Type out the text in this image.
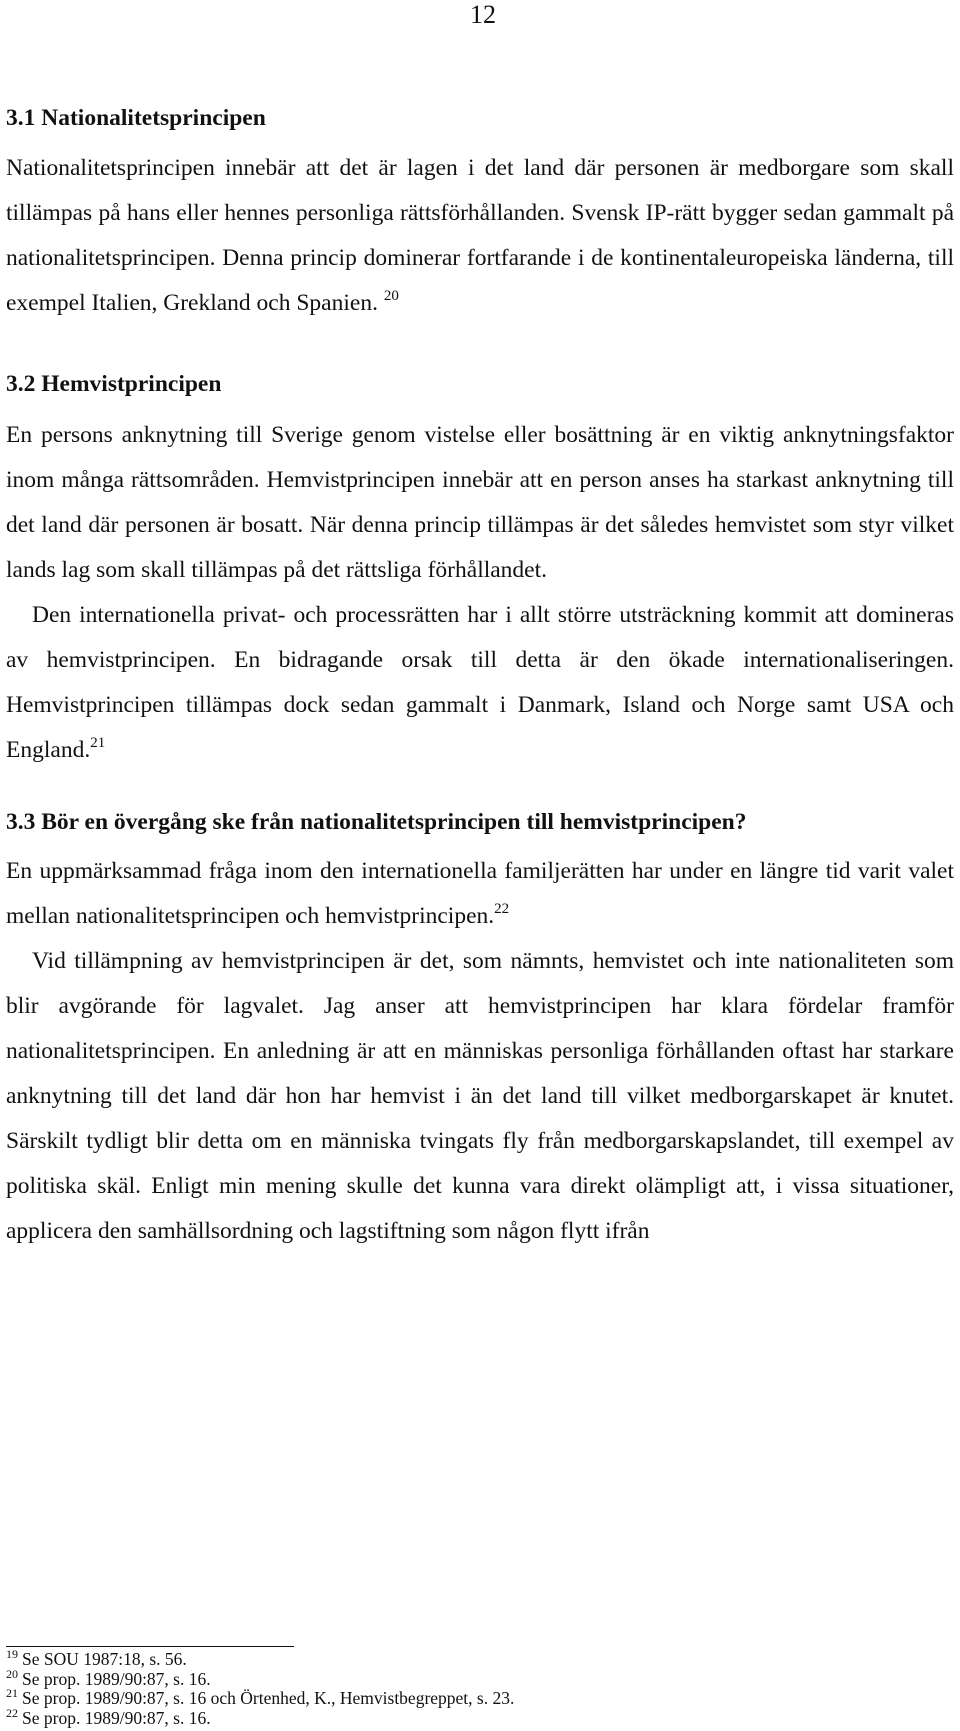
12
3.1 Nationalitetsprincipen

Nationalitetsprincipen innebär att det är lagen i det land där personen är medborgare som skall tillämpas på hans eller hennes personliga rättsförhållanden. Svensk IP-rätt bygger sedan gammalt på nationalitetsprincipen. Denna princip dominerar fortfarande i de kontinentaleuropeiska länderna, till exempel Italien, Grekland och Spanien. $^{20}$

3.2 Hemvistprincipen

En persons anknytning till Sverige genom vistelse eller bosättning är en viktig anknytningsfaktor inom många rättsområden. Hemvistprincipen innebär att en person anses ha starkast anknytning till det land där personen är bosatt. När denna princip tillämpas är det således hemvistet som styr vilket lands lag som skall tillämpas på det rättsliga förhållandet.

Den internationella privat- och processrätten har i allt större utsträckning kommit att domineras av hemvistprincipen. En bidragande orsak till detta är den ökade internationaliseringen. Hemvistprincipen tillämpas dock sedan gammalt i Danmark, Island och Norge samt USA och England.$^{21}$

3.3 Bör en övergång ske från nationalitetsprincipen till hemvistprincipen?

En uppmärksammad fråga inom den internationella familjerätten har under en längre tid varit valet mellan nationalitetsprincipen och hemvistprincipen.$^{22}$

Vid tillämpning av hemvistprincipen är det, som nämnts, hemvistet och inte nationaliteten som blir avgörande för lagvalet. Jag anser att hemvistprincipen har klara fördelar framför nationalitetsprincipen. En anledning är att en människas personliga förhållanden oftast har starkare anknytning till det land där hon har hemvist i än det land till vilket medborgarskapet är knutet. Särskilt tydligt blir detta om en människa tvingats fly från medborgarskapslandet, till exempel av politiska skäl. Enligt min mening skulle det kunna vara direkt olämpligt att, i vissa situationer, applicera den samhällsordning och lagstiftning som någon flytt ifrån

$^{19}$ Se SOU 1987:18, s. 56.

$^{20}$ Se prop. 1989/90:87, s. 16.

$^{21}$ Se prop. 1989/90:87, s. 16 och Örtenhed, K., Hemvistbegreppet, s. 23.

$^{22}$ Se prop. 1989/90:87, s. 16.
